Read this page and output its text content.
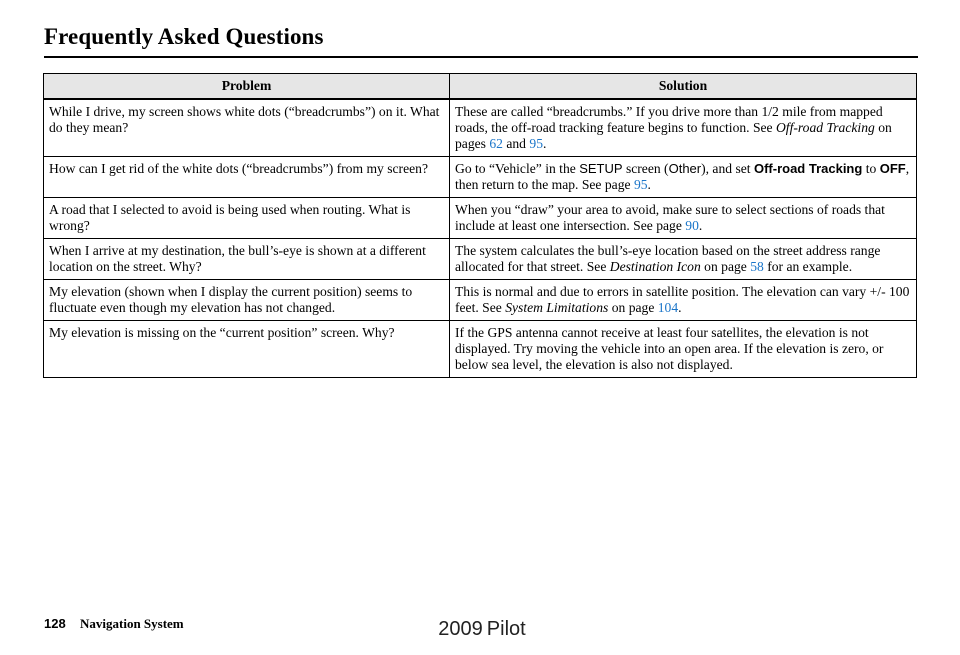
Frequently Asked Questions
Problem	Solution
While I drive, my screen shows white dots (“breadcrumbs”) on it. What do they mean?	These are called “breadcrumbs.” If you drive more than 1/2 mile from mapped roads, the off-road tracking feature begins to function. See Off-road Tracking on pages 62 and 95.
How can I get rid of the white dots (“breadcrumbs”) from my screen?	Go to “Vehicle” in the SETUP screen (Other), and set Off-road Tracking to OFF, then return to the map. See page 95.
A road that I selected to avoid is being used when routing. What is wrong?	When you “draw” your area to avoid, make sure to select sections of roads that include at least one intersection. See page 90.
When I arrive at my destination, the bull’s-eye is shown at a different location on the street. Why?	The system calculates the bull’s-eye location based on the street address range allocated for that street. See Destination Icon on page 58 for an example.
My elevation (shown when I display the current position) seems to fluctuate even though my elevation has not changed.	This is normal and due to errors in satellite position. The elevation can vary +/- 100 feet. See System Limitations on page 104.
My elevation is missing on the “current position” screen. Why?	If the GPS antenna cannot receive at least four satellites, the elevation is not displayed. Try moving the vehicle into an open area. If the elevation is zero, or below sea level, the elevation is also not displayed.
128 Navigation System	2009 Pilot
